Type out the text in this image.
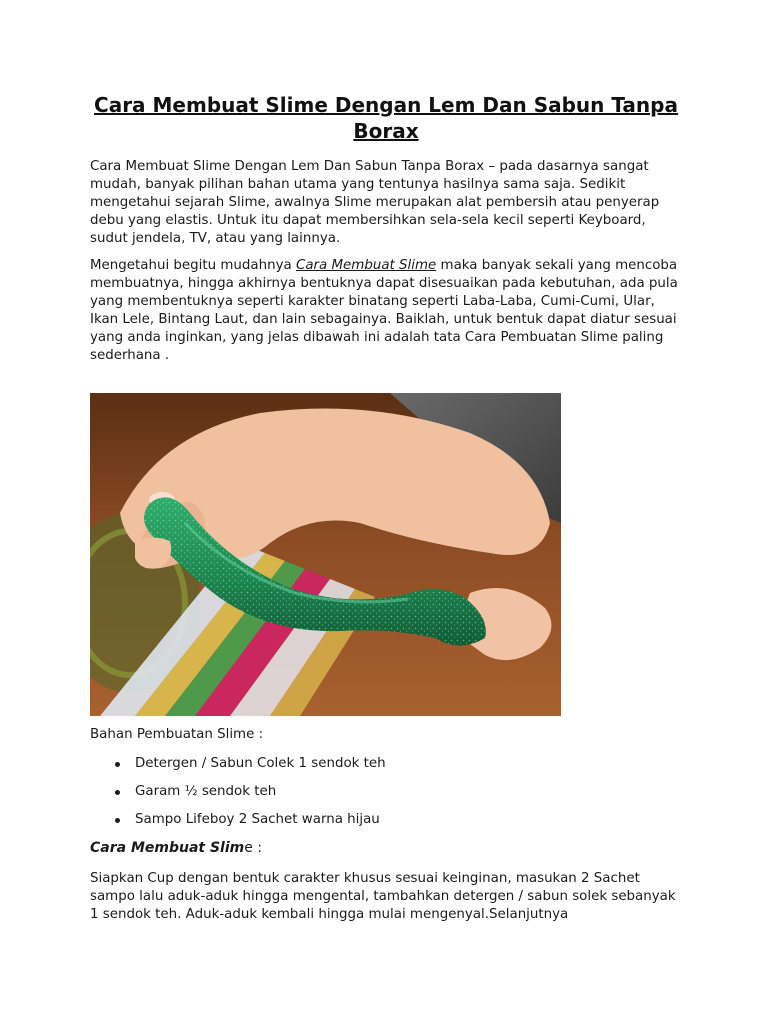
Cara Membuat Slime Dengan Lem Dan Sabun Tanpa Borax

Cara Membuat Slime Dengan Lem Dan Sabun Tanpa Borax – pada dasarnya sangat mudah, banyak pilihan bahan utama yang tentunya hasilnya sama saja. Sedikit mengetahui sejarah Slime, awalnya Slime merupakan alat pembersih atau penyerap debu yang elastis. Untuk itu dapat membersihkan sela-sela kecil seperti Keyboard, sudut jendela, TV, atau yang lainnya.

Mengetahui begitu mudahnya Cara Membuat Slime maka banyak sekali yang mencoba membuatnya, hingga akhirnya bentuknya dapat disesuaikan pada kebutuhan, ada pula yang membentuknya seperti karakter binatang seperti Laba-Laba, Cumi-Cumi, Ular, Ikan Lele, Bintang Laut, dan lain sebagainya. Baiklah, untuk bentuk dapat diatur sesuai yang anda inginkan, yang jelas dibawah ini adalah tata Cara Pembuatan Slime paling sederhana .

Bahan Pembuatan Slime :

Detergen / Sabun Colek 1 sendok teh
Garam ½ sendok teh
Sampo Lifeboy 2 Sachet warna hijau

Cara Membuat Slime :

Siapkan Cup dengan bentuk carakter khusus sesuai keinginan, masukan 2 Sachet sampo lalu aduk-aduk hingga mengental, tambahkan detergen / sabun solek sebanyak 1 sendok teh. Aduk-aduk kembali hingga mulai mengenyal.Selanjutnya
